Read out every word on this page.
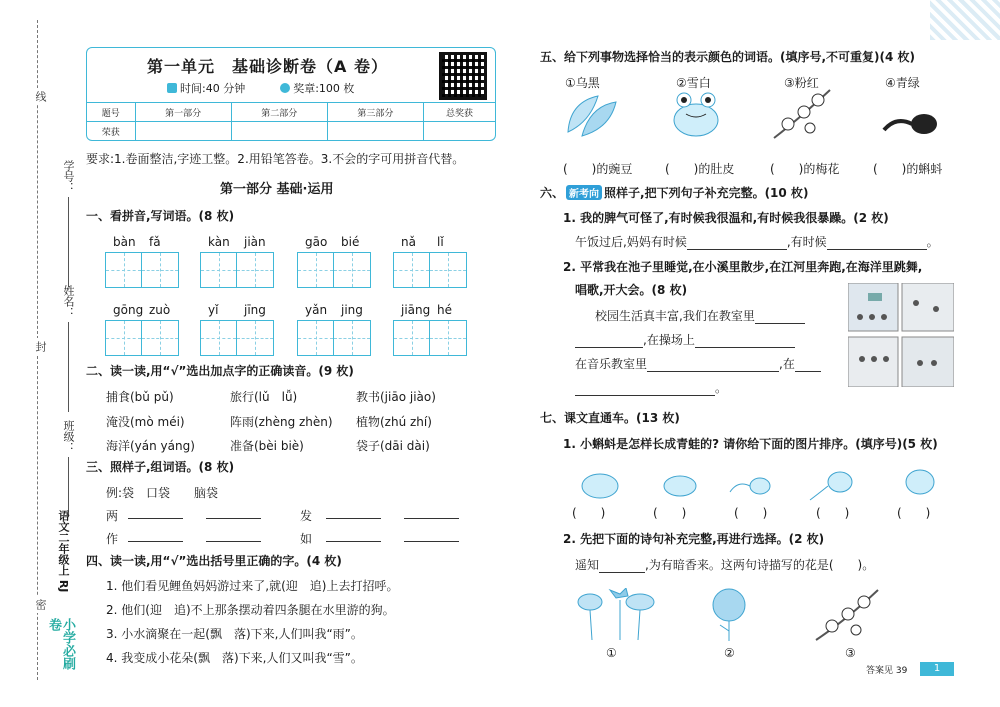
线
封
密
学号：
姓名：
班级：
语文二年级上 RJ
小学必刷卷
第一单元　基础诊断卷（A 卷）
时间:40 分钟	奖章:100 枚
题号	第一部分	第二部分	第三部分	总奖获
荣获				
要求:1.卷面整洁,字迹工整。2.用铅笔答卷。3.不会的字可用拼音代替。
第一部分 基础·运用
一、看拼音,写词语。(8 枚)
bàn fǎ	kàn jiàn	gāo bié	nǎ lǐ
gōng zuò	yǐ jīng	yǎn jing	jiāng hé
二、读一读,用“√”选出加点字的正确读音。(9 枚)
捕食(bǔ pǔ)	旅行(lǔ　lǚ)	教书(jiāo jiào)
淹没(mò méi)	阵雨(zhèng zhèn) 植物(zhú zhí)
海洋(yán yáng)	准备(bèi biè)	袋子(dāi dài)
三、照样子,组词语。(8 枚)
例:袋　口袋　　脑袋
两	发
作	如
四、读一读,用“√”选出括号里正确的字。(4 枚)
1. 他们看见鲤鱼妈妈游过来了,就(迎　追)上去打招呼。
2. 他们(迎　追)不上那条摆动着四条腿在水里游的狗。
3. 小水滴聚在一起(飘　落)下来,人们叫我“雨”。
4. 我变成小花朵(飘　落)下来,人们又叫我“雪”。
五、给下列事物选择恰当的表示颜色的词语。(填序号,不可重复)(4 枚)
①乌黑	②雪白	③粉红	④青绿
(　　)的豌豆	(　　)的肚皮	(　　)的梅花	(　　)的蝌蚪
六、 新考向 照样子,把下列句子补充完整。(10 枚)
1. 我的脾气可怪了,有时候我很温和,有时候我很暴躁。(2 枚)
午饭过后,妈妈有时候	,有时候	。
2. 平常我在池子里睡觉,在小溪里散步,在江河里奔跑,在海洋里跳舞,
唱歌,开大会。(8 枚)
校园生活真丰富,我们在教室里
,在操场上
在音乐教室里	,在
。
七、课文直通车。(13 枚)
1. 小蝌蚪是怎样长成青蛙的? 请你给下面的图片排序。(填序号)(5 枚)
(　　)	(　　)	(　　)	(　　)	(　　)
2. 先把下面的诗句补充完整,再进行选择。(2 枚)
遥知	,为有暗香来。这两句诗描写的花是(　　)。
①	②	③
答案见 39	1
